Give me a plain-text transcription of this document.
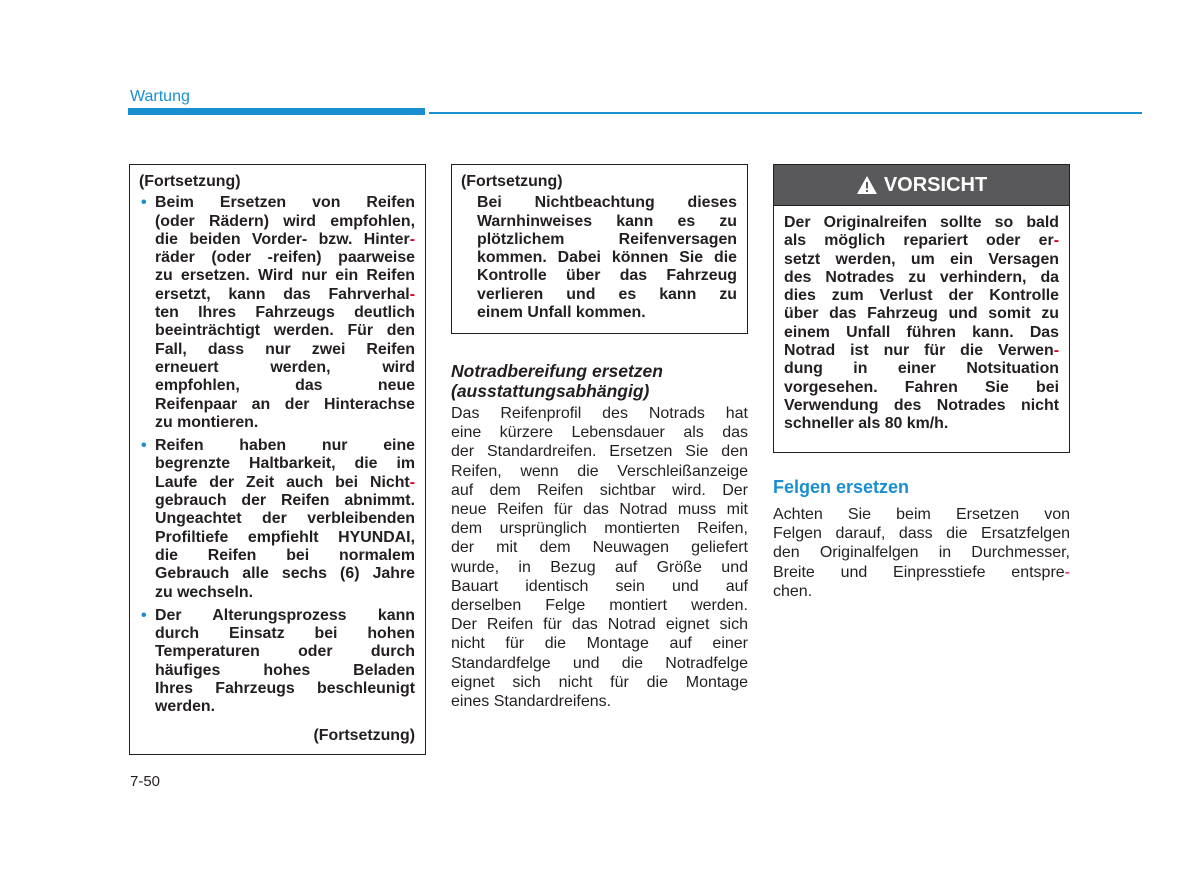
Wartung
(Fortsetzung)
• Beim Ersetzen von Reifen
(oder Rädern) wird empfohlen,
die beiden Vorder- bzw. Hinter-
räder (oder -reifen) paarweise
zu ersetzen. Wird nur ein Reifen
ersetzt, kann das Fahrverhal-
ten Ihres Fahrzeugs deutlich
beeinträchtigt werden. Für den
Fall, dass nur zwei Reifen
erneuert werden, wird
empfohlen, das neue
Reifenpaar an der Hinterachse
zu montieren.
• Reifen haben nur eine
begrenzte Haltbarkeit, die im
Laufe der Zeit auch bei Nicht-
gebrauch der Reifen abnimmt.
Ungeachtet der verbleibenden
Profiltiefe empfiehlt HYUNDAI,
die Reifen bei normalem
Gebrauch alle sechs (6) Jahre
zu wechseln.
• Der Alterungsprozess kann
durch Einsatz bei hohen
Temperaturen oder durch
häufiges hohes Beladen
Ihres Fahrzeugs beschleunigt
werden.
(Fortsetzung)
(Fortsetzung)
Bei Nichtbeachtung dieses
Warnhinweises kann es zu
plötzlichem Reifenversagen
kommen. Dabei können Sie die
Kontrolle über das Fahrzeug
verlieren und es kann zu
einem Unfall kommen.
Notradbereifung ersetzen
(ausstattungsabhängig)
Das Reifenprofil des Notrads hat
eine kürzere Lebensdauer als das
der Standardreifen. Ersetzen Sie den
Reifen, wenn die Verschleißanzeige
auf dem Reifen sichtbar wird. Der
neue Reifen für das Notrad muss mit
dem ursprünglich montierten Reifen,
der mit dem Neuwagen geliefert
wurde, in Bezug auf Größe und
Bauart identisch sein und auf
derselben Felge montiert werden.
Der Reifen für das Notrad eignet sich
nicht für die Montage auf einer
Standardfelge und die Notradfelge
eignet sich nicht für die Montage
eines Standardreifens.
VORSICHT
Der Originalreifen sollte so bald
als möglich repariert oder er-
setzt werden, um ein Versagen
des Notrades zu verhindern, da
dies zum Verlust der Kontrolle
über das Fahrzeug und somit zu
einem Unfall führen kann. Das
Notrad ist nur für die Verwen-
dung in einer Notsituation
vorgesehen. Fahren Sie bei
Verwendung des Notrades nicht
schneller als 80 km/h.
Felgen ersetzen
Achten Sie beim Ersetzen von
Felgen darauf, dass die Ersatzfelgen
den Originalfelgen in Durchmesser,
Breite und Einpresstiefe entspre-
chen.
7-50
